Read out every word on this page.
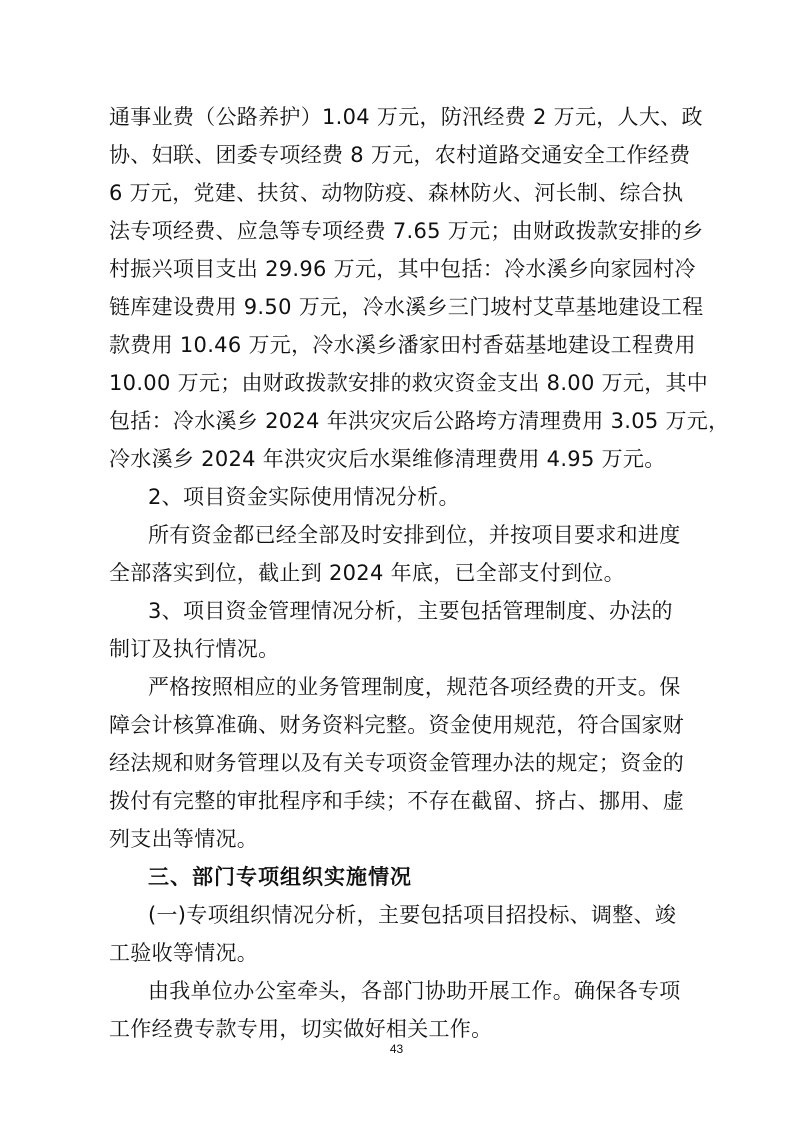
通事业费（公路养护）1.04 万元，防汛经费 2 万元，人大、政
协、妇联、团委专项经费 8 万元，农村道路交通安全工作经费
6 万元，党建、扶贫、动物防疫、森林防火、河长制、综合执
法专项经费、应急等专项经费 7.65 万元；由财政拨款安排的乡
村振兴项目支出 29.96 万元，其中包括：冷水溪乡向家园村冷
链库建设费用 9.50 万元，冷水溪乡三门坡村艾草基地建设工程
款费用 10.46 万元，冷水溪乡潘家田村香菇基地建设工程费用
10.00 万元；由财政拨款安排的救灾资金支出 8.00 万元，其中
包括：冷水溪乡 2024 年洪灾灾后公路垮方清理费用 3.05 万元，
冷水溪乡 2024 年洪灾灾后水渠维修清理费用 4.95 万元。
2、项目资金实际使用情况分析。
所有资金都已经全部及时安排到位，并按项目要求和进度
全部落实到位，截止到 2024 年底，已全部支付到位。
3、项目资金管理情况分析，主要包括管理制度、办法的
制订及执行情况。
严格按照相应的业务管理制度，规范各项经费的开支。保
障会计核算准确、财务资料完整。资金使用规范，符合国家财
经法规和财务管理以及有关专项资金管理办法的规定；资金的
拨付有完整的审批程序和手续；不存在截留、挤占、挪用、虚
列支出等情况。
三、部门专项组织实施情况
(一)专项组织情况分析，主要包括项目招投标、调整、竣
工验收等情况。
由我单位办公室牵头，各部门协助开展工作。确保各专项
工作经费专款专用，切实做好相关工作。
43
